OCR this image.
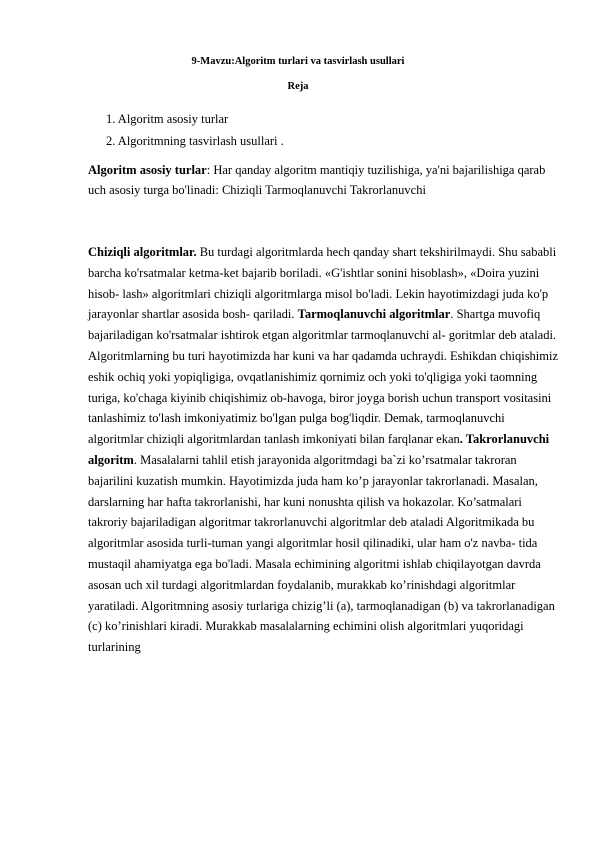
9-Mavzu:Algoritm turlari va tasvirlash usullari

Reja

1. Algoritm asosiy turlar
2. Algoritmning tasvirlash usullari .

Algoritm asosiy turlar: Har qanday algoritm mantiqiy tuzilishiga, ya'ni bajarilishiga qarab uch asosiy turga bo'linadi: Chiziqli Tarmoqlanuvchi Takrorlanuvchi

Chiziqli algoritmlar. Bu turdagi algoritmlarda hech qanday shart tekshirilmaydi. Shu sababli barcha ko'rsatmalar ketma-ket bajarib boriladi. «G'ishtlar sonini hisoblash», «Doira yuzini hisob- lash» algoritmlari chiziqli algoritmlarga misol bo'ladi. Lekin hayotimizdagi juda ko'p jarayonlar shartlar asosida bosh- qariladi. Tarmoqlanuvchi algoritmlar. Shartga muvofiq bajariladigan ko'rsatmalar ishtirok etgan algoritmlar tarmoqlanuvchi al- goritmlar deb ataladi. Algoritmlarning bu turi hayotimizda har kuni va har qadamda uchraydi. Eshikdan chiqishimiz eshik ochiq yoki yopiqligiga, ovqatlanishimiz qornimiz och yoki to'qligiga yoki taomning turiga, ko'chaga kiyinib chiqishimiz ob-havoga, biror joyga borish uchun transport vositasini tanlashimiz to'lash imkoniyatimiz bo'lgan pulga bog'liqdir. Demak, tarmoqlanuvchi algoritmlar chiziqli algoritmlardan tanlash imkoniyati bilan farqlanar ekan. Takrorlanuvchi algoritm. Masalalarni tahlil etish jarayonida algoritmdagi ba`zi ko’rsatmalar takroran bajarilini kuzatish mumkin. Hayotimizda juda ham ko’p jarayonlar takrorlanadi. Masalan, darslarning har hafta takrorlanishi, har kuni nonushta qilish va hokazolar. Ko’satmalari takroriy bajariladigan algoritmar takrorlanuvchi algoritmlar deb ataladi Algoritmikada bu algoritmlar asosida turli-tuman yangi algoritmlar hosil qilinadiki, ular ham o'z navba- tida mustaqil ahamiyatga ega bo'ladi. Masala echimining algoritmi ishlab chiqilayotgan davrda asosan uch xil turdagi algoritmlardan foydalanib, murakkab ko’rinishdagi algoritmlar yaratiladi. Algoritmning asosiy turlariga chizig’li (a), tarmoqlanadigan (b) va takrorlanadigan (c) ko’rinishlari kiradi. Murakkab masalalarning echimini olish algoritmlari yuqoridagi turlarining
